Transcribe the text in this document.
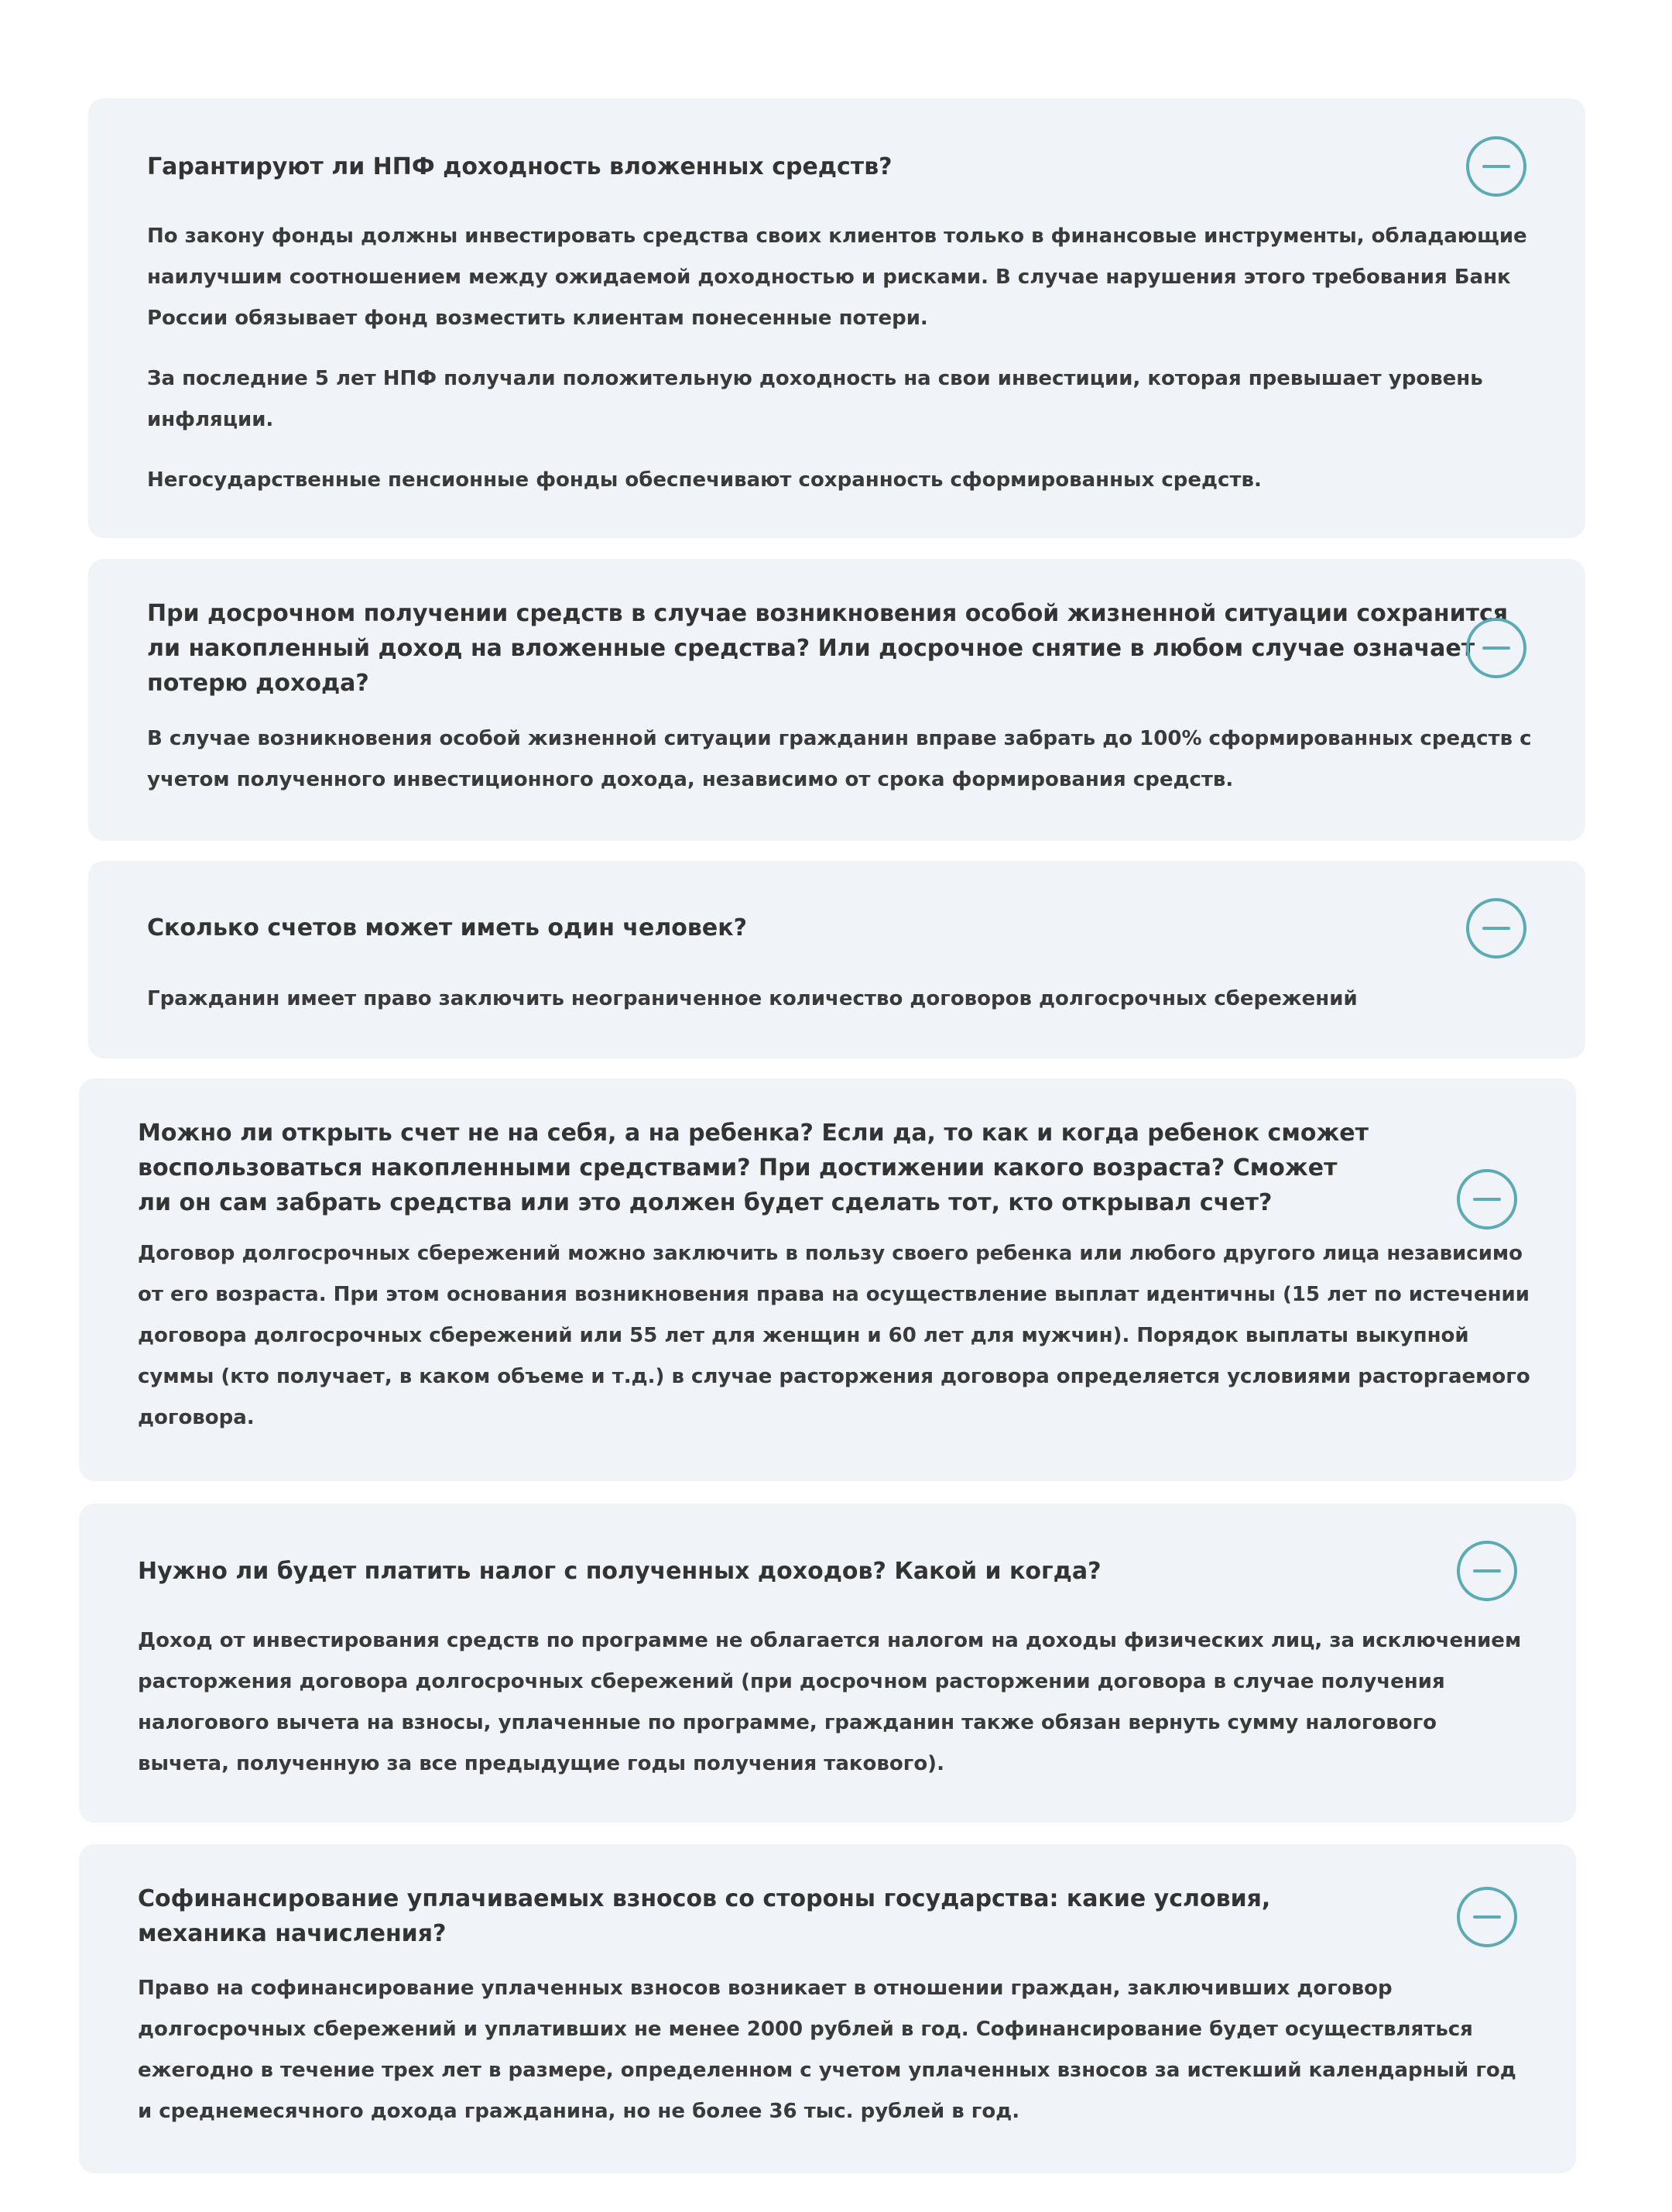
Гарантируют ли НПФ доходность вложенных средств?

По закону фонды должны инвестировать средства своих клиентов только в финансовые инструменты, обладающие наилучшим соотношением между ожидаемой доходностью и рисками. В случае нарушения этого требования Банк России обязывает фонд возместить клиентам понесенные потери.

За последние 5 лет НПФ получали положительную доходность на свои инвестиции, которая превышает уровень инфляции.

Негосударственные пенсионные фонды обеспечивают сохранность сформированных средств.

При досрочном получении средств в случае возникновения особой жизненной ситуации сохранится ли накопленный доход на вложенные средства? Или досрочное снятие в любом случае означает потерю дохода?

В случае возникновения особой жизненной ситуации гражданин вправе забрать до 100% сформированных средств с учетом полученного инвестиционного дохода, независимо от срока формирования средств.

Сколько счетов может иметь один человек?

Гражданин имеет право заключить неограниченное количество договоров долгосрочных сбережений

Можно ли открыть счет не на себя, а на ребенка? Если да, то как и когда ребенок сможет воспользоваться накопленными средствами? При достижении какого возраста? Сможет ли он сам забрать средства или это должен будет сделать тот, кто открывал счет?

Договор долгосрочных сбережений можно заключить в пользу своего ребенка или любого другого лица независимо от его возраста. При этом основания возникновения права на осуществление выплат идентичны (15 лет по истечении договора долгосрочных сбережений или 55 лет для женщин и 60 лет для мужчин). Порядок выплаты выкупной суммы (кто получает, в каком объеме и т.д.) в случае расторжения договора определяется условиями расторгаемого договора.

Нужно ли будет платить налог с полученных доходов? Какой и когда?

Доход от инвестирования средств по программе не облагается налогом на доходы физических лиц, за исключением расторжения договора долгосрочных сбережений (при досрочном расторжении договора в случае получения налогового вычета на взносы, уплаченные по программе, гражданин также обязан вернуть сумму налогового вычета, полученную за все предыдущие годы получения такового).

Софинансирование уплачиваемых взносов со стороны государства: какие условия, механика начисления?

Право на софинансирование уплаченных взносов возникает в отношении граждан, заключивших договор долгосрочных сбережений и уплативших не менее 2000 рублей в год. Софинансирование будет осуществляться ежегодно в течение трех лет в размере, определенном с учетом уплаченных взносов за истекший календарный год и среднемесячного дохода гражданина, но не более 36 тыс. рублей в год.
